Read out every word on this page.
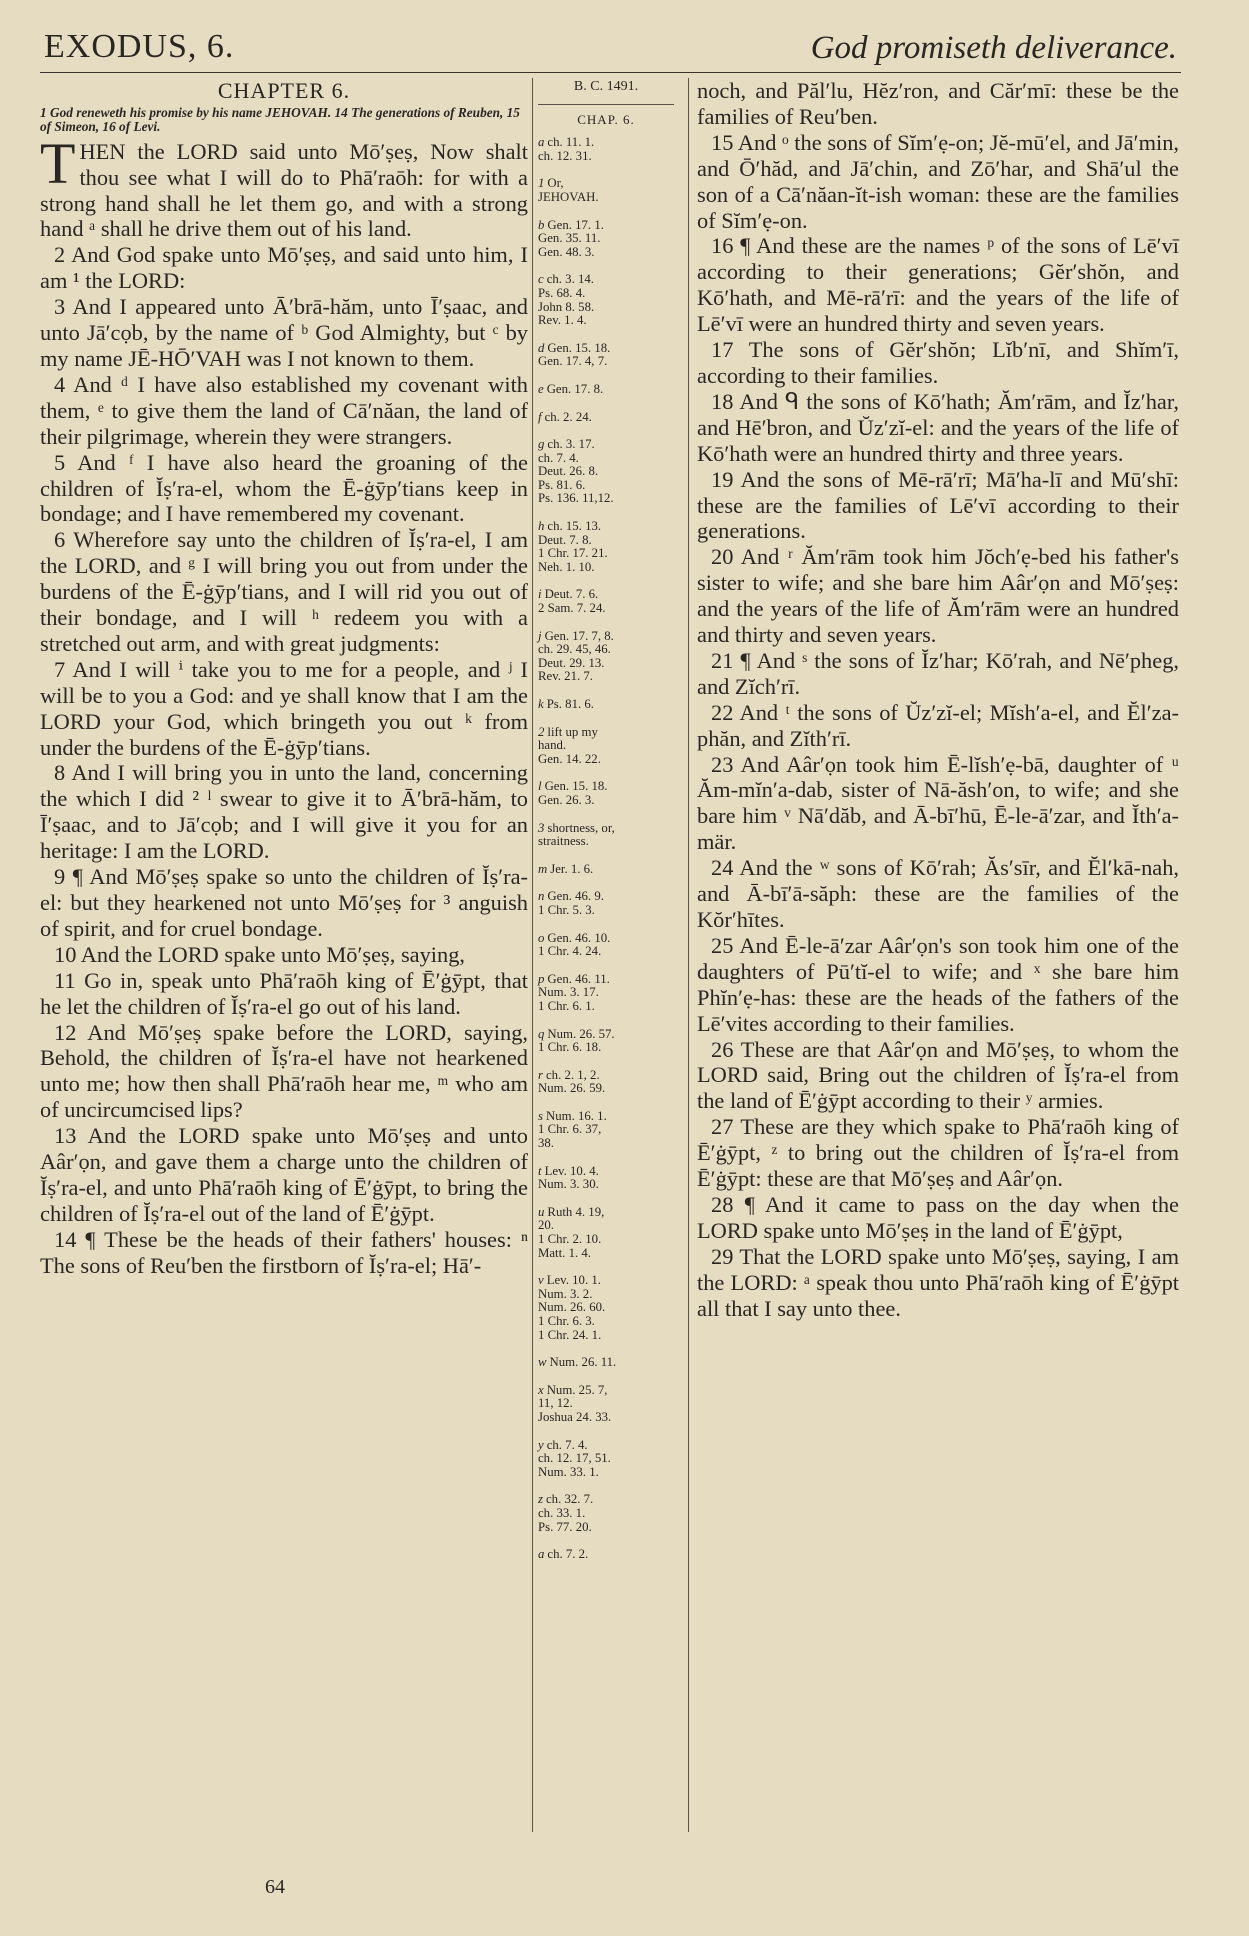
EXODUS, 6.	God promiseth deliverance.
CHAPTER 6.
1 God reneweth his promise by his name JEHOVAH. 14 The generations of Reuben, 15 of Simeon, 16 of Levi.

THEN the LORD said unto Mō′ṣeṣ, Now shalt thou see what I will do to Phā′raōh: for with a strong hand shall he let them go, and with a strong hand ᵃ shall he drive them out of his land.

2 And God spake unto Mō′ṣeṣ, and said unto him, I am ¹ the LORD:

3 And I appeared unto Ā′brā-hăm, unto Ī′ṣaac, and unto Jā′cọb, by the name of ᵇ God Almighty, but ᶜ by my name JĒ-HŌ′VAH was I not known to them.

4 And ᵈ I have also established my covenant with them, ᵉ to give them the land of Cā′năan, the land of their pilgrimage, wherein they were strangers.

5 And ᶠ I have also heard the groaning of the children of Ĭṣ′ra-el, whom the Ē-ġȳp′tians keep in bondage; and I have remembered my covenant.

6 Wherefore say unto the children of Ĭṣ′ra-el, I am the LORD, and ᵍ I will bring you out from under the burdens of the Ē-ġȳp′tians, and I will rid you out of their bondage, and I will ʰ redeem you with a stretched out arm, and with great judgments:

7 And I will ⁱ take you to me for a people, and ʲ I will be to you a God: and ye shall know that I am the LORD your God, which bringeth you out ᵏ from under the burdens of the Ē-ġȳp′tians.

8 And I will bring you in unto the land, concerning the which I did ² ˡ swear to give it to Ā′brā-hăm, to Ī′ṣaac, and to Jā′cọb; and I will give it you for an heritage: I am the LORD.

9 ¶ And Mō′ṣeṣ spake so unto the children of Ĭṣ′ra-el: but they hearkened not unto Mō′ṣeṣ for ³ anguish of spirit, and for cruel bondage.

10 And the LORD spake unto Mō′ṣeṣ, saying,

11 Go in, speak unto Phā′raōh king of Ē′ġȳpt, that he let the children of Ĭṣ′ra-el go out of his land.

12 And Mō′ṣeṣ spake before the LORD, saying, Behold, the children of Ĭṣ′ra-el have not hearkened unto me; how then shall Phā′raōh hear me, ᵐ who am of uncircumcised lips?

13 And the LORD spake unto Mō′ṣeṣ and unto Aâr′ọn, and gave them a charge unto the children of Ĭṣ′ra-el, and unto Phā′raōh king of Ē′ġȳpt, to bring the children of Ĭṣ′ra-el out of the land of Ē′ġȳpt.

14 ¶ These be the heads of their fathers' houses: ⁿ The sons of Reu′ben the firstborn of Ĭṣ′ra-el; Hā′-

B. C. 1491.
CHAP. 6.
a ch. 11. 1.
ch. 12. 31.
1 Or,
JEHOVAH.
b Gen. 17. 1.
Gen. 35. 11.
Gen. 48. 3.
c ch. 3. 14.
Ps. 68. 4.
John 8. 58.
Rev. 1. 4.
d Gen. 15. 18.
Gen. 17. 4, 7.
e Gen. 17. 8.
f ch. 2. 24.
g ch. 3. 17.
ch. 7. 4.
Deut. 26. 8.
Ps. 81. 6.
Ps. 136. 11,12.
h ch. 15. 13.
Deut. 7. 8.
1 Chr. 17. 21.
Neh. 1. 10.
i Deut. 7. 6.
2 Sam. 7. 24.
j Gen. 17. 7, 8.
ch. 29. 45, 46.
Deut. 29. 13.
Rev. 21. 7.
k Ps. 81. 6.
2 lift up my
hand.
Gen. 14. 22.
l Gen. 15. 18.
Gen. 26. 3.
3 shortness, or,
straitness.
m Jer. 1. 6.
n Gen. 46. 9.
1 Chr. 5. 3.
o Gen. 46. 10.
1 Chr. 4. 24.
p Gen. 46. 11.
Num. 3. 17.
1 Chr. 6. 1.
q Num. 26. 57.
1 Chr. 6. 18.
r ch. 2. 1, 2.
Num. 26. 59.
s Num. 16. 1.
1 Chr. 6. 37,
38.
t Lev. 10. 4.
Num. 3. 30.
u Ruth 4. 19,
20.
1 Chr. 2. 10.
Matt. 1. 4.
v Lev. 10. 1.
Num. 3. 2.
Num. 26. 60.
1 Chr. 6. 3.
1 Chr. 24. 1.
w Num. 26. 11.
x Num. 25. 7,
11, 12.
Joshua 24. 33.
y ch. 7. 4.
ch. 12. 17, 51.
Num. 33. 1.
z ch. 32. 7.
ch. 33. 1.
Ps. 77. 20.
a ch. 7. 2.

noch, and Păl′lu, Hĕz′ron, and Căr′mī: these be the families of Reu′ben.

15 And ᵒ the sons of Sĭm′ẹ-on; Jĕ-mū′el, and Jā′min, and Ō′hăd, and Jā′chin, and Zō′har, and Shā′ul the son of a Cā′năan-ĭt-ish woman: these are the families of Sĭm′ẹ-on.

16 ¶ And these are the names ᵖ of the sons of Lē′vī according to their generations; Gĕr′shŏn, and Kō′hath, and Mē-rā′rī: and the years of the life of Lē′vī were an hundred thirty and seven years.

17 The sons of Gĕr′shŏn; Lĭb′nī, and Shĭm′ī, according to their families.

18 And ᑫ the sons of Kō′hath; Ăm′rām, and Ĭz′har, and Hē′bron, and Ŭz′zĭ-el: and the years of the life of Kō′hath were an hundred thirty and three years.

19 And the sons of Mē-rā′rī; Mā′ha-lī and Mū′shī: these are the families of Lē′vī according to their generations.

20 And ʳ Ăm′rām took him Jŏch′ẹ-bed his father's sister to wife; and she bare him Aâr′ọn and Mō′ṣeṣ: and the years of the life of Ăm′rām were an hundred and thirty and seven years.

21 ¶ And ˢ the sons of Ĭz′har; Kō′rah, and Nē′pheg, and Zĭch′rī.

22 And ᵗ the sons of Ŭz′zĭ-el; Mĭsh′a-el, and Ĕl′za-phăn, and Zĭth′rī.

23 And Aâr′ọn took him Ē-lĭsh′ẹ-bā, daughter of ᵘ Ăm-mĭn′a-dab, sister of Nā-ăsh′on, to wife; and she bare him ᵛ Nā′dăb, and Ā-bī′hū, Ē-le-ā′zar, and Ĭth′a-mär.

24 And the ʷ sons of Kō′rah; Ăs′sīr, and Ĕl′kā-nah, and Ā-bī′ā-săph: these are the families of the Kŏr′hītes.

25 And Ē-le-ā′zar Aâr′ọn's son took him one of the daughters of Pū′tĭ-el to wife; and ˣ she bare him Phĭn′ẹ-has: these are the heads of the fathers of the Lē′vites according to their families.

26 These are that Aâr′ọn and Mō′ṣeṣ, to whom the LORD said, Bring out the children of Ĭṣ′ra-el from the land of Ē′ġȳpt according to their ʸ armies.

27 These are they which spake to Phā′raōh king of Ē′ġȳpt, ᶻ to bring out the children of Ĭṣ′ra-el from Ē′ġȳpt: these are that Mō′ṣeṣ and Aâr′ọn.

28 ¶ And it came to pass on the day when the LORD spake unto Mō′ṣeṣ in the land of Ē′ġȳpt,

29 That the LORD spake unto Mō′ṣeṣ, saying, I am the LORD: ᵃ speak thou unto Phā′raōh king of Ē′ġȳpt all that I say unto thee.

64
